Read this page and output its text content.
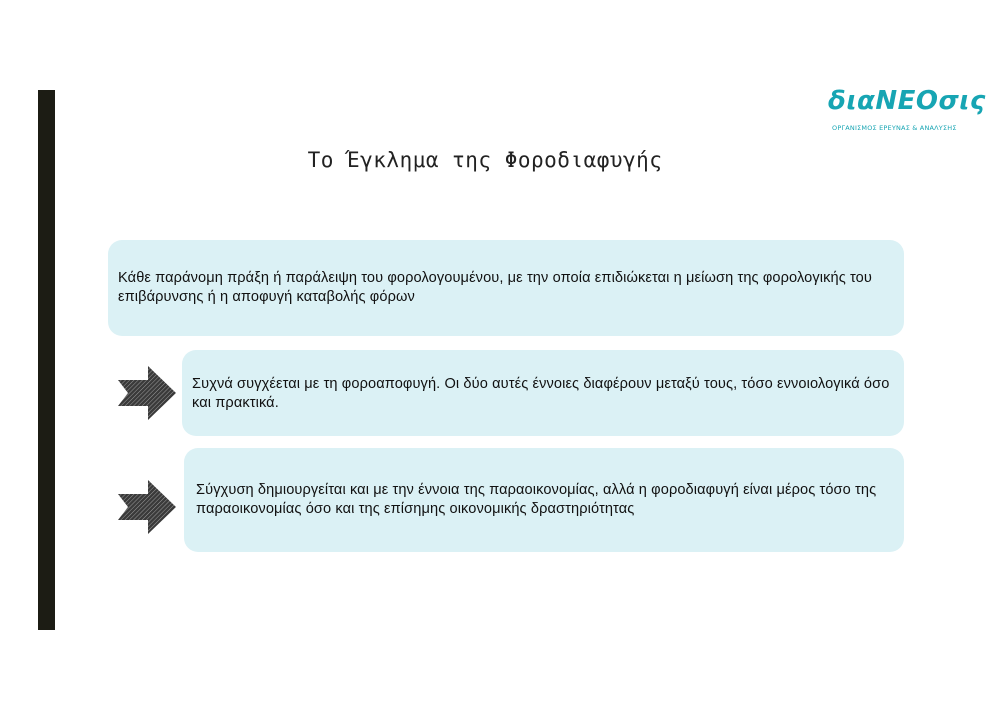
διαΝΕΟσις
ΟΡΓΑΝΙΣΜΟΣ ΕΡΕΥΝΑΣ & ΑΝΑΛΥΣΗΣ
Το Έγκλημα της Φοροδιαφυγής
Κάθε παράνομη πράξη ή παράλειψη του φορολογουμένου, με την οποία επιδιώκεται η μείωση της φορολογικής του επιβάρυνσης ή η αποφυγή καταβολής φόρων
Συχνά συγχέεται με τη φοροαποφυγή. Οι δύο αυτές έννοιες διαφέρουν μεταξύ τους, τόσο εννοιολογικά όσο και πρακτικά.
Σύγχυση δημιουργείται και με την έννοια της παραοικονομίας, αλλά η φοροδιαφυγή είναι μέρος τόσο της παραοικονομίας όσο και της επίσημης οικονομικής δραστηριότητας
